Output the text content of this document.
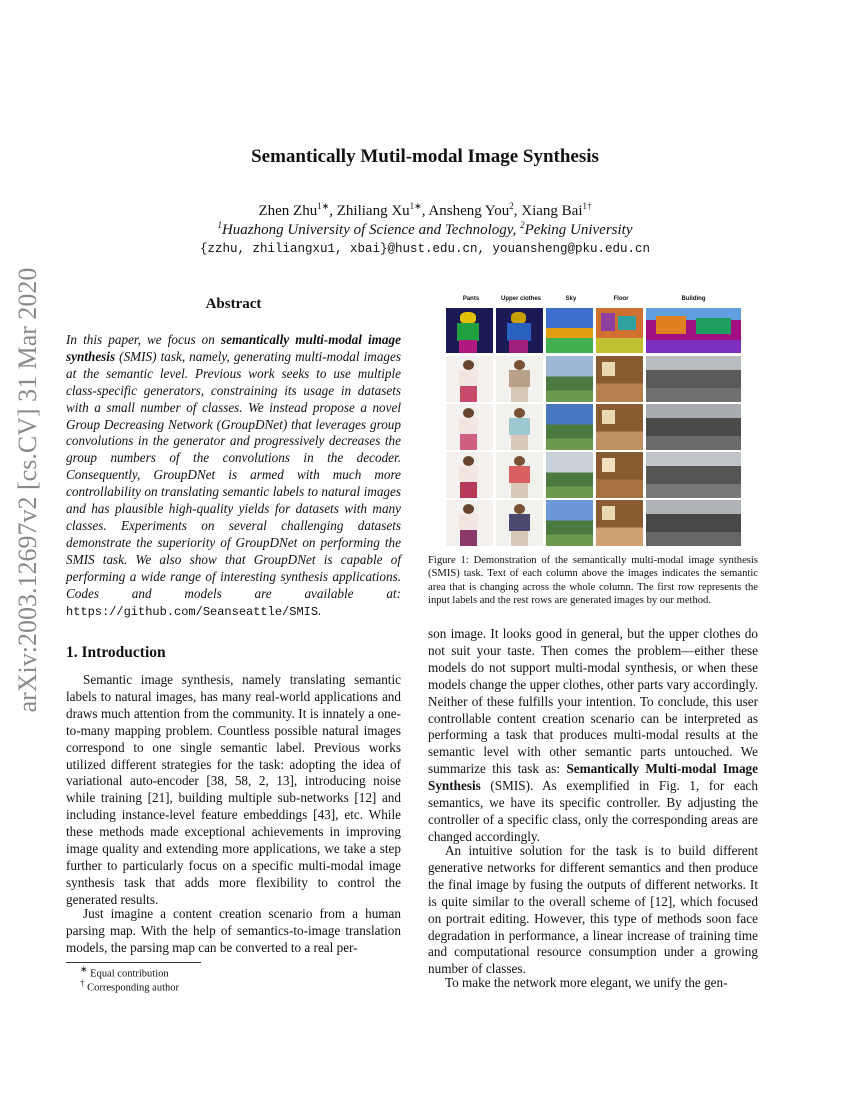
arXiv:2003.12697v2 [cs.CV] 31 Mar 2020
Semantically Mutil-modal Image Synthesis
Zhen Zhu$^{1∗}$, Zhiliang $Xu^{1∗}$, Ansheng You$^2$, Xiang Bai$^{1\dagger}$
$^1$Huazhong University of Science and Technology, $^2$Peking University
{zzhu, zhiliangxu1, xbai}@hust.edu.cn, youansheng@pku.edu.cn
Abstract
In this paper, we focus on semantically multi-modal image synthesis (SMIS) task, namely, generating multi-modal images at the semantic level. Previous work seeks to use multiple class-specific generators, constraining its usage in datasets with a small number of classes. We instead propose a novel Group Decreasing Network (GroupDNet) that leverages group convolutions in the generator and progressively decreases the group numbers of the convolutions in the decoder. Consequently, GroupDNet is armed with much more controllability on translating semantic labels to natural images and has plausible high-quality yields for datasets with many classes. Experiments on several challenging datasets demonstrate the superiority of GroupDNet on performing the SMIS task. We also show that GroupDNet is capable of performing a wide range of interesting synthesis applications. Codes and models are available at: https://github.com/Seanseattle/SMIS.
1. Introduction
Semantic image synthesis, namely translating semantic labels to natural images, has many real-world applications and draws much attention from the community. It is innately a one-to-many mapping problem. Countless possible natural images correspond to one single semantic label. Previous works utilized different strategies for the task: adopting the idea of variational auto-encoder [38, 58, 2, 13], introducing noise while training [21], building multiple sub-networks [12] and including instance-level feature embeddings [43], etc. While these methods made exceptional achievements in improving image quality and extending more applications, we take a step further to particularly focus on a specific multi-modal image synthesis task that adds more flexibility to control the generated results.
Just imagine a content creation scenario from a human parsing map. With the help of semantics-to-image translation models, the parsing map can be converted to a real per-
∗ Equal contribution
† Corresponding author
Pants	Upper clothes	Sky	Floor	Building
Figure 1: Demonstration of the semantically multi-modal image synthesis (SMIS) task. Text of each column above the images indicates the semantic area that is changing across the whole column. The first row represents the input labels and the rest rows are generated images by our method.
son image. It looks good in general, but the upper clothes do not suit your taste. Then comes the problem—either these models do not support multi-modal synthesis, or when these models change the upper clothes, other parts vary accordingly. Neither of these fulfills your intention. To conclude, this user controllable content creation scenario can be interpreted as performing a task that produces multi-modal results at the semantic level with other semantic parts untouched. We summarize this task as: Semantically Multi-modal Image Synthesis (SMIS). As exemplified in Fig. 1, for each semantics, we have its specific controller. By adjusting the controller of a specific class, only the corresponding areas are changed accordingly.
An intuitive solution for the task is to build different generative networks for different semantics and then produce the final image by fusing the outputs of different networks. It is quite similar to the overall scheme of [12], which focused on portrait editing. However, this type of methods soon face degradation in performance, a linear increase of training time and computational resource consumption under a growing number of classes.
To make the network more elegant, we unify the gen-
